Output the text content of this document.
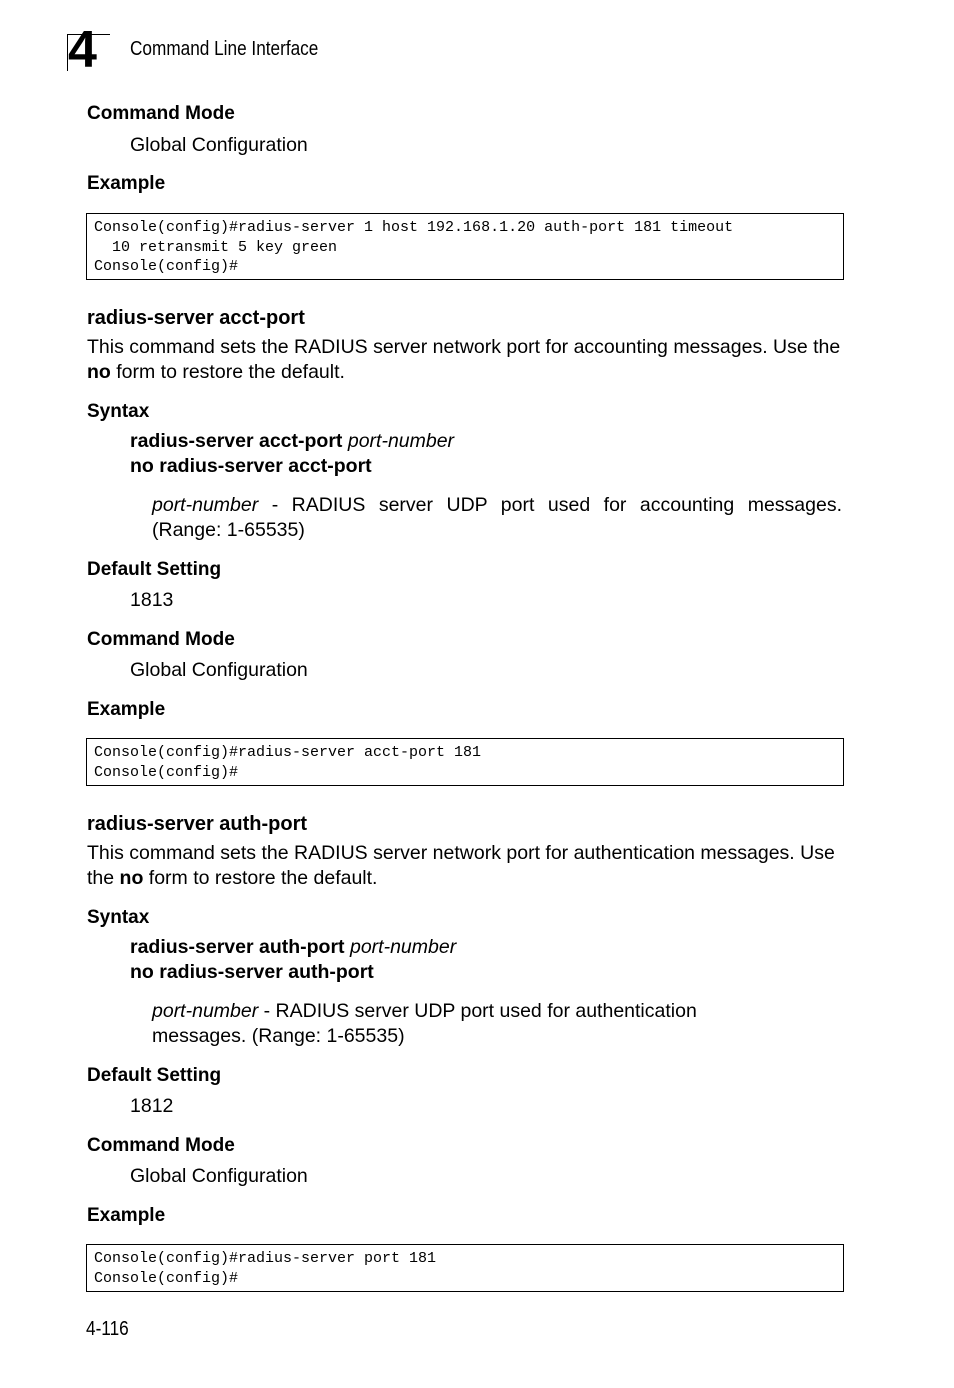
4 Command Line Interface
Command Mode
Global Configuration
Example
Console(config)#radius-server 1 host 192.168.1.20 auth-port 181 timeout
10 retransmit 5 key green
Console(config)#
radius-server acct-port
This command sets the RADIUS server network port for accounting messages. Use the no form to restore the default.
Syntax
radius-server acct-port port-number
no radius-server acct-port
port-number - RADIUS server UDP port used for accounting messages. (Range: 1-65535)
Default Setting
1813
Command Mode
Global Configuration
Example
Console(config)#radius-server acct-port 181
Console(config)#
radius-server auth-port
This command sets the RADIUS server network port for authentication messages. Use the no form to restore the default.
Syntax
radius-server auth-port port-number
no radius-server auth-port
port-number - RADIUS server UDP port used for authentication messages. (Range: 1-65535)
Default Setting
1812
Command Mode
Global Configuration
Example
Console(config)#radius-server port 181
Console(config)#
4-116
